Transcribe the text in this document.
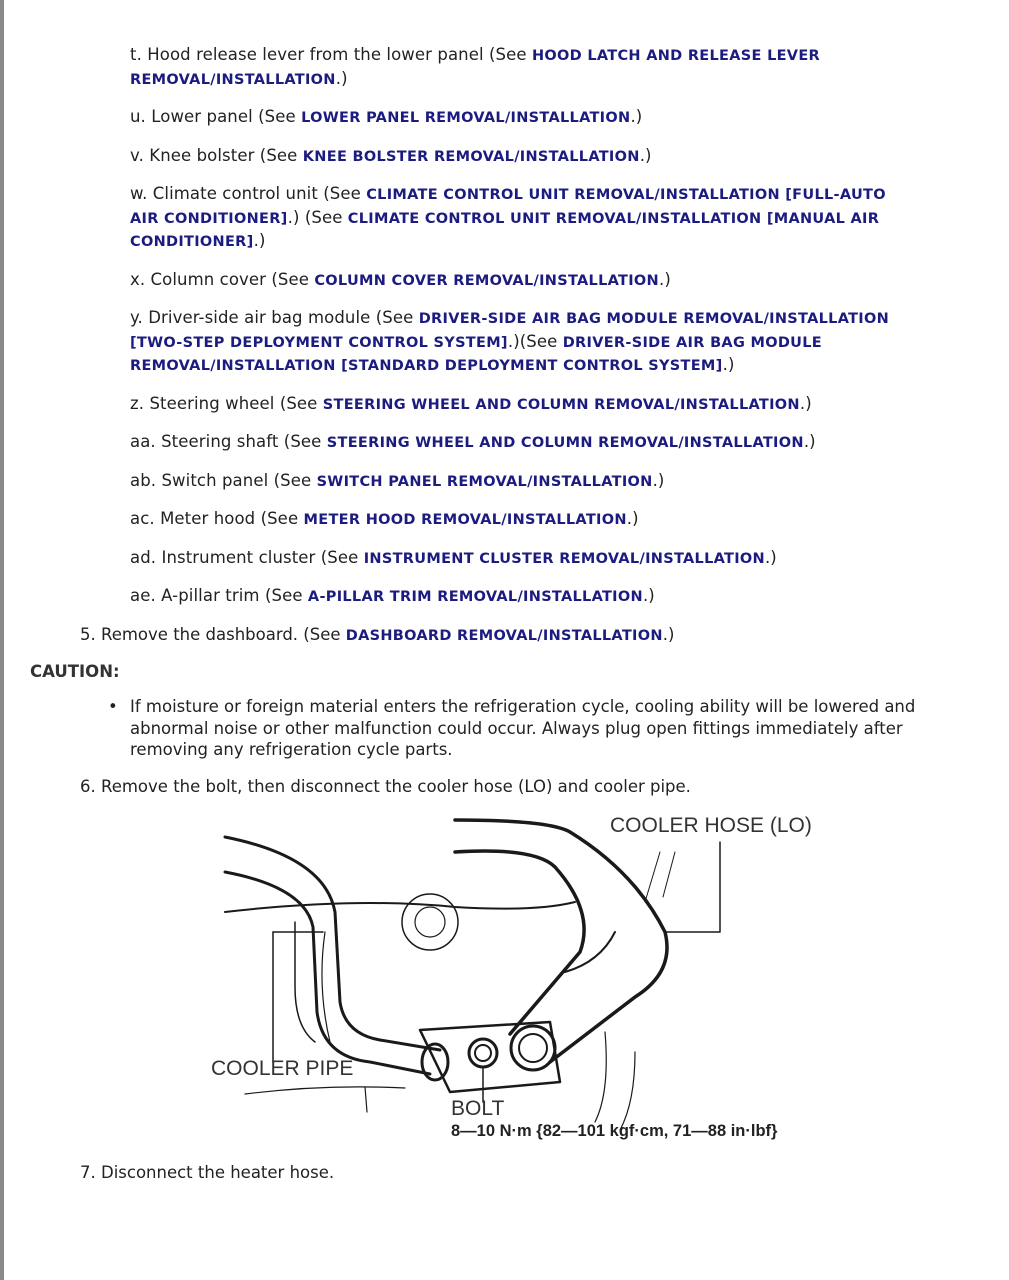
t. Hood release lever from the lower panel (See HOOD LATCH AND RELEASE LEVER REMOVAL/INSTALLATION.)
u. Lower panel (See LOWER PANEL REMOVAL/INSTALLATION.)
v. Knee bolster (See KNEE BOLSTER REMOVAL/INSTALLATION.)
w. Climate control unit (See CLIMATE CONTROL UNIT REMOVAL/INSTALLATION [FULL-AUTO AIR CONDITIONER].) (See CLIMATE CONTROL UNIT REMOVAL/INSTALLATION [MANUAL AIR CONDITIONER].)
x. Column cover (See COLUMN COVER REMOVAL/INSTALLATION.)
y. Driver-side air bag module (See DRIVER-SIDE AIR BAG MODULE REMOVAL/INSTALLATION [TWO-STEP DEPLOYMENT CONTROL SYSTEM].)(See DRIVER-SIDE AIR BAG MODULE REMOVAL/INSTALLATION [STANDARD DEPLOYMENT CONTROL SYSTEM].)
z. Steering wheel (See STEERING WHEEL AND COLUMN REMOVAL/INSTALLATION.)
aa. Steering shaft (See STEERING WHEEL AND COLUMN REMOVAL/INSTALLATION.)
ab. Switch panel (See SWITCH PANEL REMOVAL/INSTALLATION.)
ac. Meter hood (See METER HOOD REMOVAL/INSTALLATION.)
ad. Instrument cluster (See INSTRUMENT CLUSTER REMOVAL/INSTALLATION.)
ae. A-pillar trim (See A-PILLAR TRIM REMOVAL/INSTALLATION.)
5. Remove the dashboard. (See DASHBOARD REMOVAL/INSTALLATION.)
CAUTION:
• If moisture or foreign material enters the refrigeration cycle, cooling ability will be lowered and abnormal noise or other malfunction could occur. Always plug open fittings immediately after removing any refrigeration cycle parts.
6. Remove the bolt, then disconnect the cooler hose (LO) and cooler pipe.
COOLER HOSE (LO)
COOLER PIPE
BOLT
8—10 N·m {82—101 kgf·cm, 71—88 in·lbf}
7. Disconnect the heater hose.
